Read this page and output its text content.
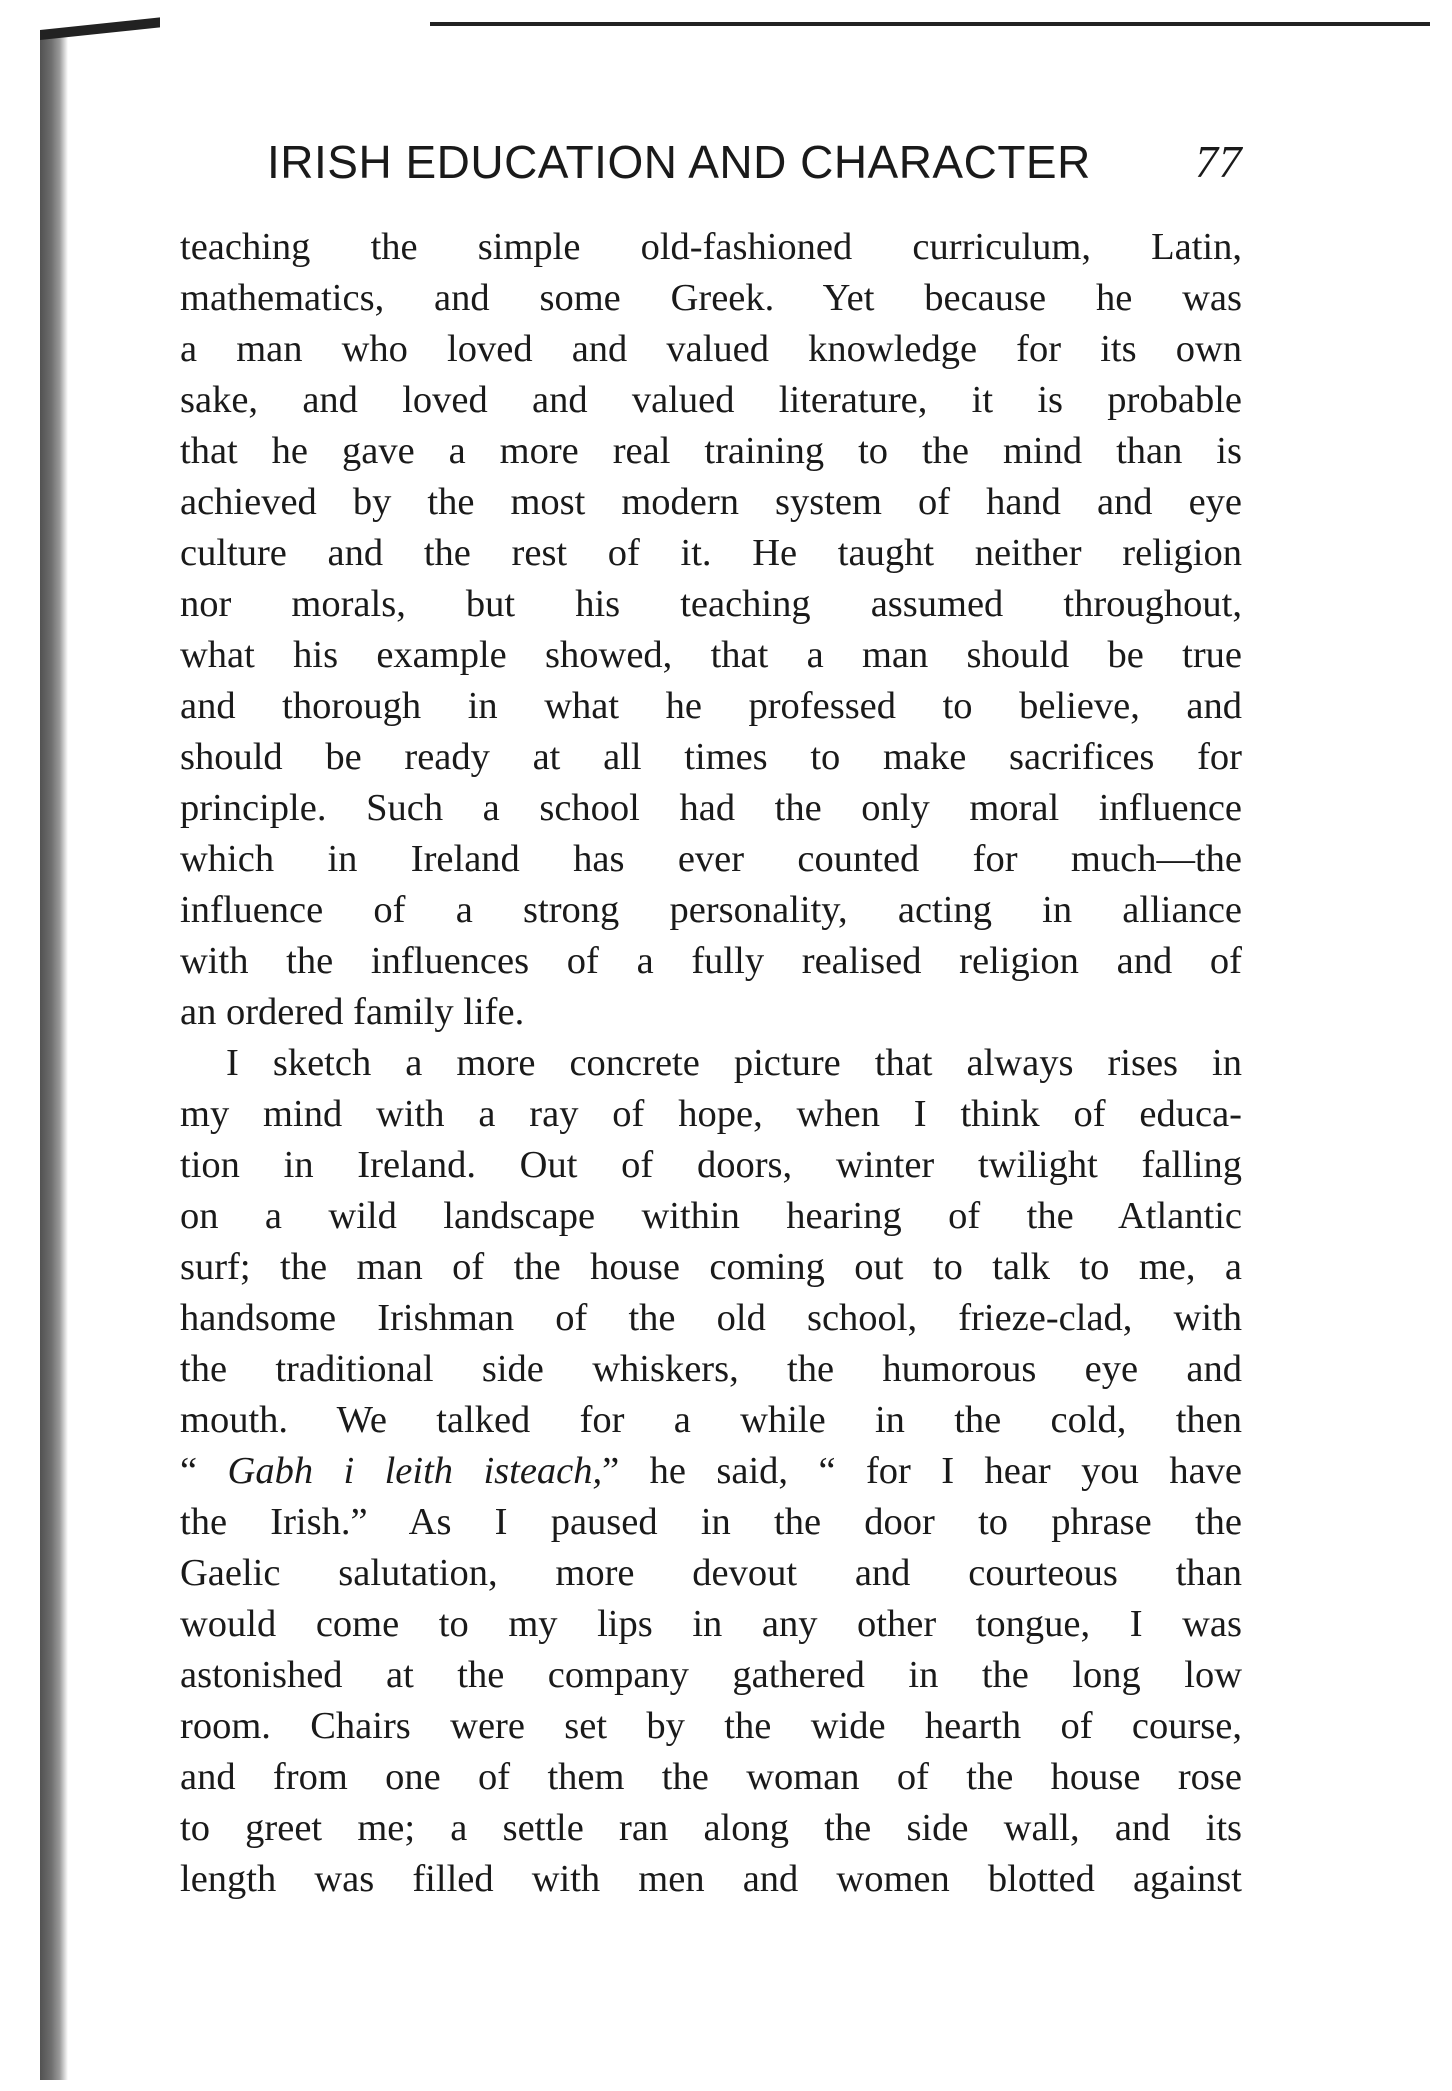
IRISH EDUCATION AND CHARACTER 77
teaching the simple old-fashioned curriculum, Latin,
mathematics, and some Greek. Yet because he was
a man who loved and valued knowledge for its own
sake, and loved and valued literature, it is probable
that he gave a more real training to the mind than is
achieved by the most modern system of hand and eye
culture and the rest of it. He taught neither religion
nor morals, but his teaching assumed throughout,
what his example showed, that a man should be true
and thorough in what he professed to believe, and
should be ready at all times to make sacrifices for
principle. Such a school had the only moral influence
which in Ireland has ever counted for much—the
influence of a strong personality, acting in alliance
with the influences of a fully realised religion and of
an ordered family life.
I sketch a more concrete picture that always rises in
my mind with a ray of hope, when I think of educa-
tion in Ireland. Out of doors, winter twilight falling
on a wild landscape within hearing of the Atlantic
surf; the man of the house coming out to talk to me, a
handsome Irishman of the old school, frieze-clad, with
the traditional side whiskers, the humorous eye and
mouth. We talked for a while in the cold, then
“ Gabh i leith isteach,” he said, “ for I hear you have
the Irish.” As I paused in the door to phrase the
Gaelic salutation, more devout and courteous than
would come to my lips in any other tongue, I was
astonished at the company gathered in the long low
room. Chairs were set by the wide hearth of course,
and from one of them the woman of the house rose
to greet me; a settle ran along the side wall, and its
length was filled with men and women blotted against
